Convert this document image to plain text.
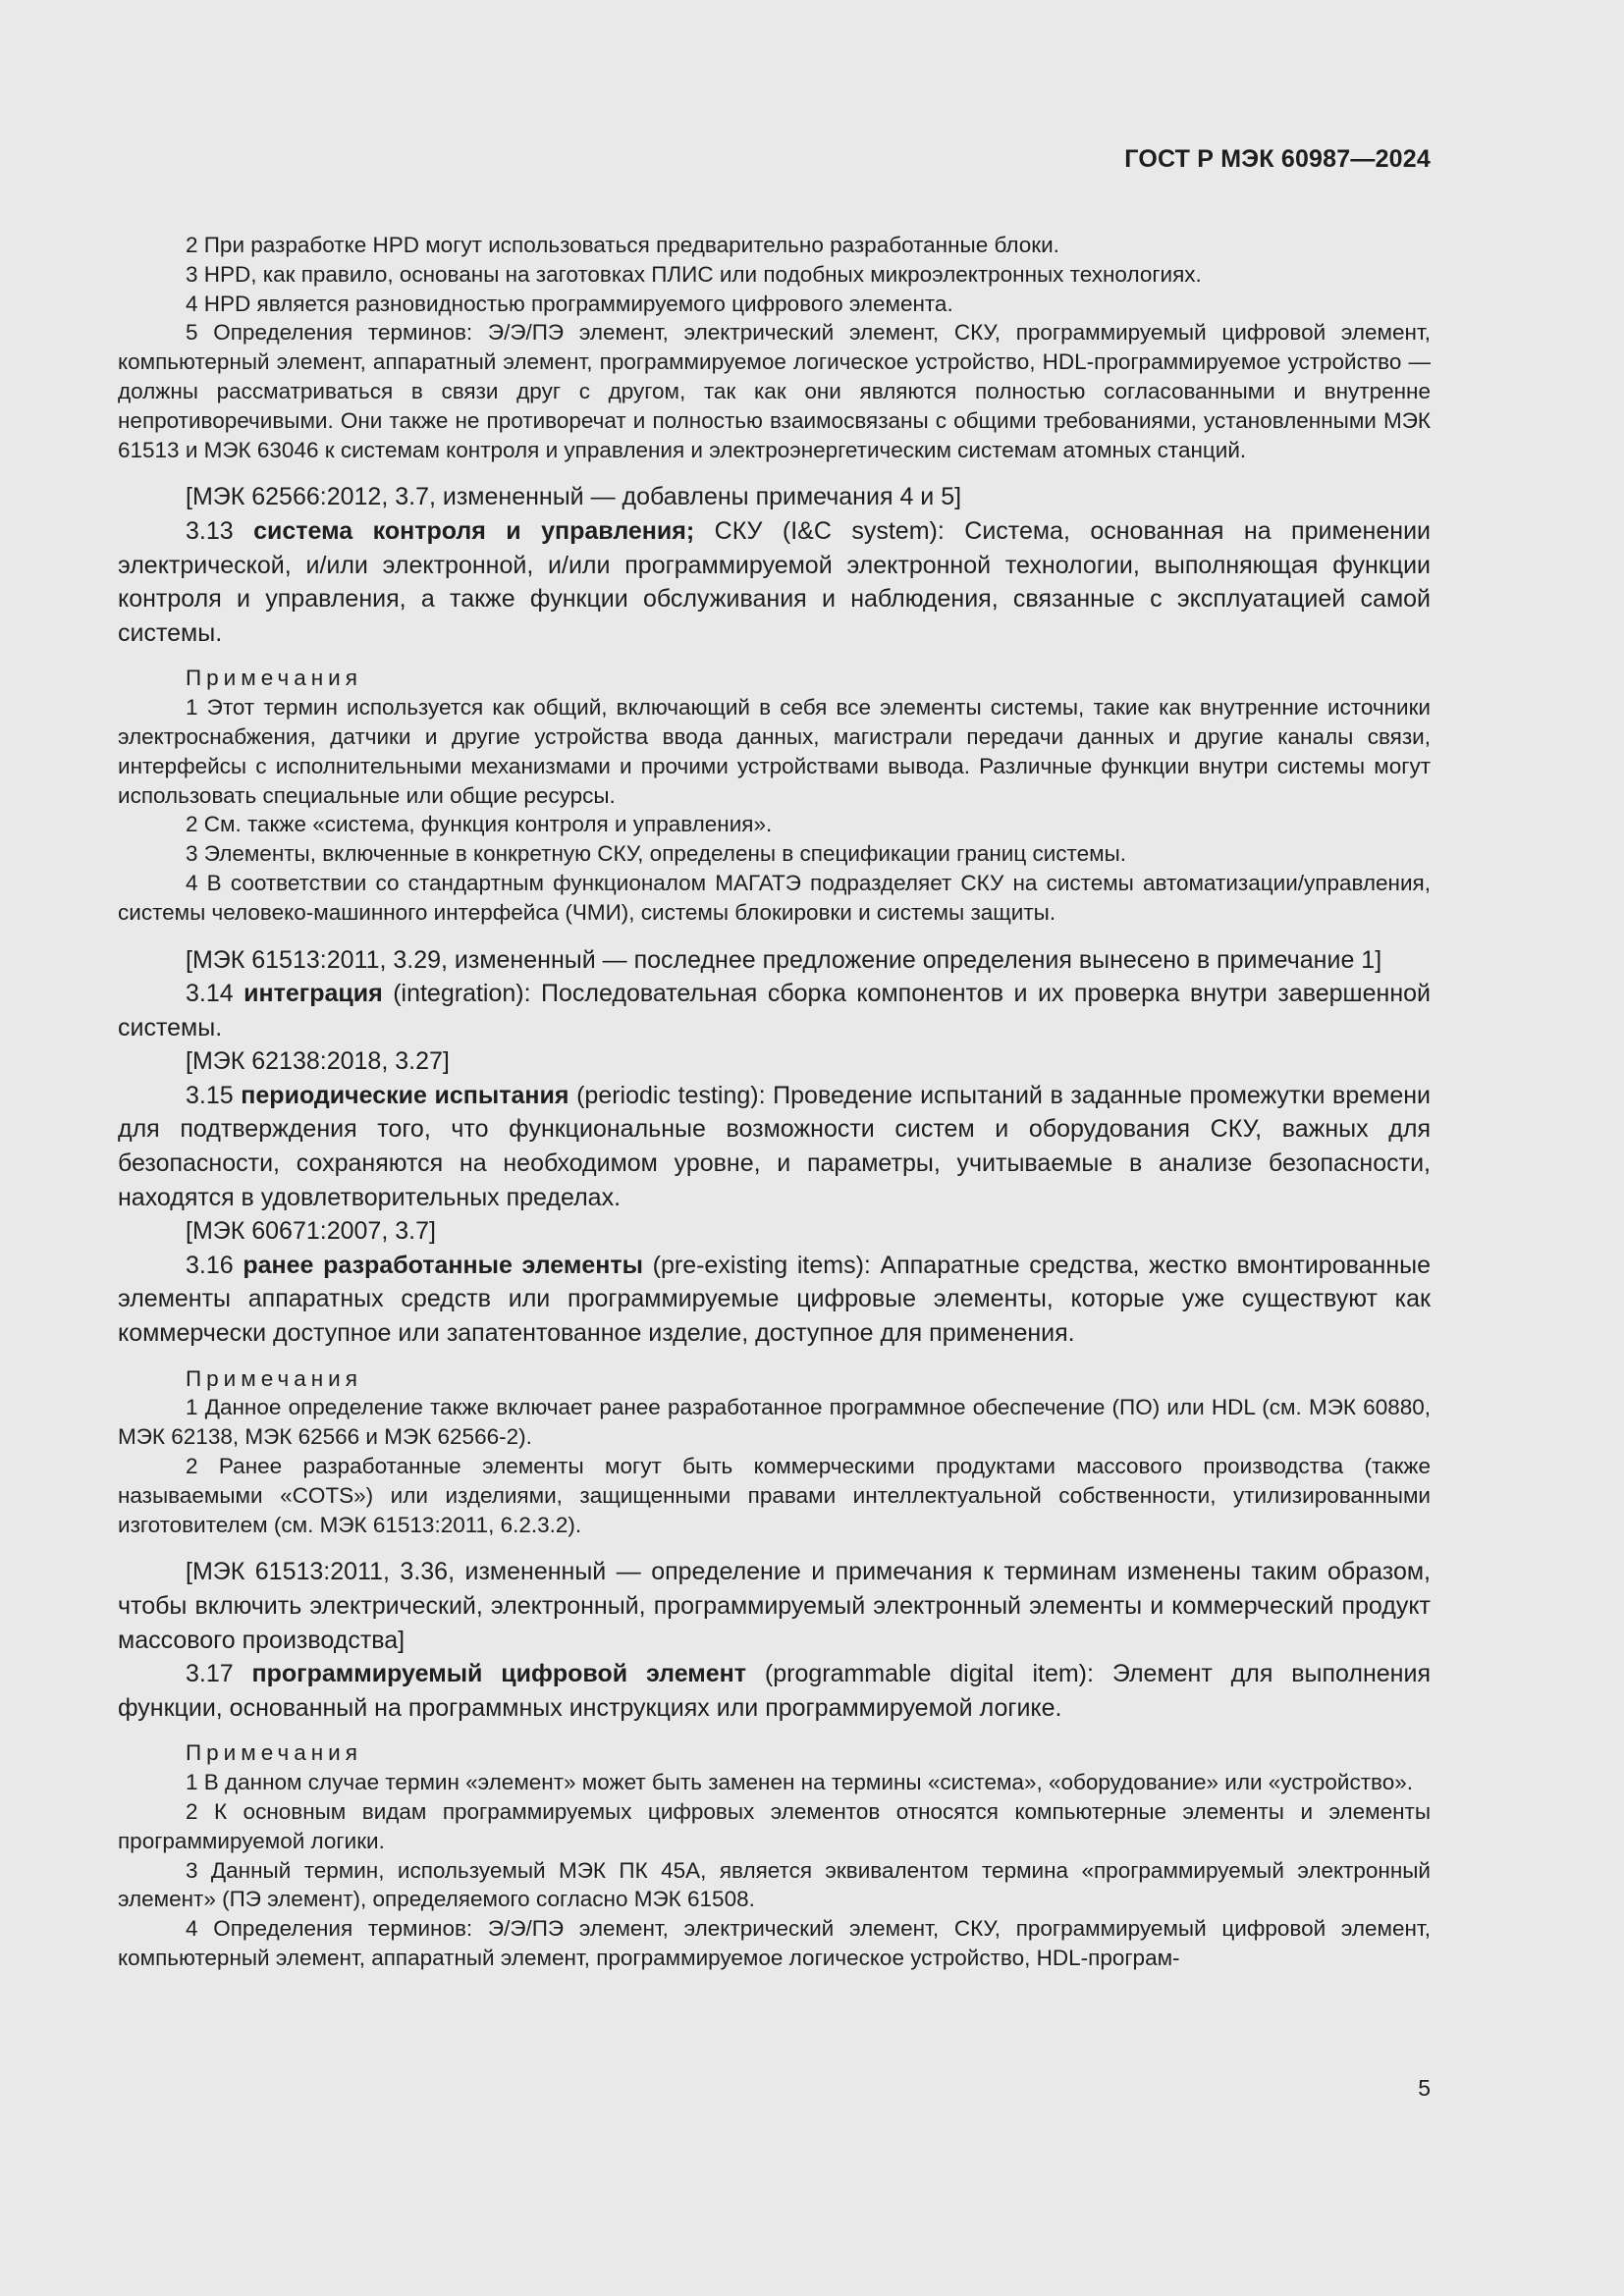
ГОСТ Р МЭК 60987—2024

2 При разработке HPD могут использоваться предварительно разработанные блоки.

3 HPD, как правило, основаны на заготовках ПЛИС или подобных микроэлектронных технологиях.

4 HPD является разновидностью программируемого цифрового элемента.

5 Определения терминов: Э/Э/ПЭ элемент, электрический элемент, СКУ, программируемый цифровой элемент, компьютерный элемент, аппаратный элемент, программируемое логическое устройство, HDL-программируемое устройство — должны рассматриваться в связи друг с другом, так как они являются полностью согласованными и внутренне непротиворечивыми. Они также не противоречат и полностью взаимосвязаны с общими требованиями, установленными МЭК 61513 и МЭК 63046 к системам контроля и управления и электроэнергетическим системам атомных станций.

[МЭК 62566:2012, 3.7, измененный — добавлены примечания 4 и 5]

3.13 система контроля и управления; СКУ (I&C system): Система, основанная на применении электрической, и/или электронной, и/или программируемой электронной технологии, выполняющая функции контроля и управления, а также функции обслуживания и наблюдения, связанные с эксплуатацией самой системы.

Примечания

1 Этот термин используется как общий, включающий в себя все элементы системы, такие как внутренние источники электроснабжения, датчики и другие устройства ввода данных, магистрали передачи данных и другие каналы связи, интерфейсы с исполнительными механизмами и прочими устройствами вывода. Различные функции внутри системы могут использовать специальные или общие ресурсы.

2 См. также «система, функция контроля и управления».

3 Элементы, включенные в конкретную СКУ, определены в спецификации границ системы.

4 В соответствии со стандартным функционалом МАГАТЭ подразделяет СКУ на системы автоматизации/управления, системы человеко-машинного интерфейса (ЧМИ), системы блокировки и системы защиты.

[МЭК 61513:2011, 3.29, измененный — последнее предложение определения вынесено в примечание 1]

3.14 интеграция (integration): Последовательная сборка компонентов и их проверка внутри завершенной системы.

[МЭК 62138:2018, 3.27]

3.15 периодические испытания (periodic testing): Проведение испытаний в заданные промежутки времени для подтверждения того, что функциональные возможности систем и оборудования СКУ, важных для безопасности, сохраняются на необходимом уровне, и параметры, учитываемые в анализе безопасности, находятся в удовлетворительных пределах.

[МЭК 60671:2007, 3.7]

3.16 ранее разработанные элементы (pre-existing items): Аппаратные средства, жестко вмонтированные элементы аппаратных средств или программируемые цифровые элементы, которые уже существуют как коммерчески доступное или запатентованное изделие, доступное для применения.

Примечания

1 Данное определение также включает ранее разработанное программное обеспечение (ПО) или HDL (см. МЭК 60880, МЭК 62138, МЭК 62566 и МЭК 62566-2).

2 Ранее разработанные элементы могут быть коммерческими продуктами массового производства (также называемыми «COTS») или изделиями, защищенными правами интеллектуальной собственности, утилизированными изготовителем (см. МЭК 61513:2011, 6.2.3.2).

[МЭК 61513:2011, 3.36, измененный — определение и примечания к терминам изменены таким образом, чтобы включить электрический, электронный, программируемый электронный элементы и коммерческий продукт массового производства]

3.17 программируемый цифровой элемент (programmable digital item): Элемент для выполнения функции, основанный на программных инструкциях или программируемой логике.

Примечания

1 В данном случае термин «элемент» может быть заменен на термины «система», «оборудование» или «устройство».

2 К основным видам программируемых цифровых элементов относятся компьютерные элементы и элементы программируемой логики.

3 Данный термин, используемый МЭК ПК 45А, является эквивалентом термина «программируемый электронный элемент» (ПЭ элемент), определяемого согласно МЭК 61508.

4 Определения терминов: Э/Э/ПЭ элемент, электрический элемент, СКУ, программируемый цифровой элемент, компьютерный элемент, аппаратный элемент, программируемое логическое устройство, HDL-програм-

5
